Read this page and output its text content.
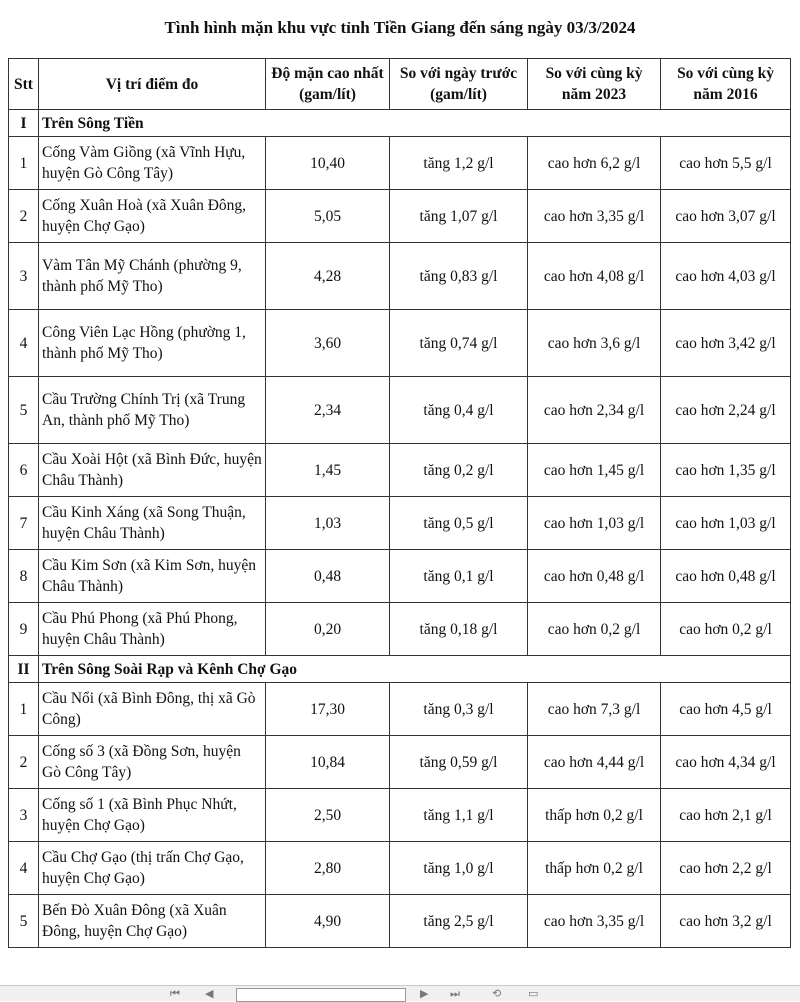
Tình hình mặn khu vực tỉnh Tiền Giang đến sáng ngày 03/3/2024
Stt	Vị trí điểm đo	Độ mặn cao nhất (gam/lít)	So với ngày trước (gam/lít)	So với cùng kỳ năm 2023	So với cùng kỳ năm 2016
I	Trên Sông Tiền				
1	Cống Vàm Giồng (xã Vĩnh Hựu, huyện Gò Công Tây)	10,40	tăng 1,2 g/l	cao hơn 6,2 g/l	cao hơn 5,5 g/l
2	Cống Xuân Hoà (xã Xuân Đông, huyện Chợ Gạo)	5,05	tăng 1,07 g/l	cao hơn 3,35 g/l	cao hơn 3,07 g/l
3	Vàm Tân Mỹ Chánh (phường 9, thành phố Mỹ Tho)	4,28	tăng 0,83 g/l	cao hơn 4,08 g/l	cao hơn 4,03 g/l
4	Công Viên Lạc Hồng (phường 1, thành phố Mỹ Tho)	3,60	tăng 0,74 g/l	cao hơn 3,6 g/l	cao hơn 3,42 g/l
5	Cầu Trường Chính Trị (xã Trung An, thành phố Mỹ Tho)	2,34	tăng 0,4 g/l	cao hơn 2,34 g/l	cao hơn 2,24 g/l
6	Cầu Xoài Hột (xã Bình Đức, huyện Châu Thành)	1,45	tăng 0,2 g/l	cao hơn 1,45 g/l	cao hơn 1,35 g/l
7	Cầu Kinh Xáng (xã Song Thuận, huyện Châu Thành)	1,03	tăng 0,5 g/l	cao hơn 1,03 g/l	cao hơn 1,03 g/l
8	Cầu Kim Sơn (xã Kim Sơn, huyện Châu Thành)	0,48	tăng 0,1 g/l	cao hơn 0,48 g/l	cao hơn 0,48 g/l
9	Cầu Phú Phong (xã Phú Phong, huyện Châu Thành)	0,20	tăng 0,18 g/l	cao hơn 0,2 g/l	cao hơn 0,2 g/l
II	Trên Sông Soài Rạp và Kênh Chợ Gạo				
1	Cầu Nổi (xã Bình Đông, thị xã Gò Công)	17,30	tăng 0,3 g/l	cao hơn 7,3 g/l	cao hơn 4,5 g/l
2	Cống số 3 (xã Đồng Sơn, huyện Gò Công Tây)	10,84	tăng 0,59 g/l	cao hơn 4,44 g/l	cao hơn 4,34 g/l
3	Cống số 1 (xã Bình Phục Nhứt, huyện Chợ Gạo)	2,50	tăng 1,1 g/l	thấp hơn 0,2 g/l	cao hơn 2,1 g/l
4	Cầu Chợ Gạo (thị trấn Chợ Gạo, huyện Chợ Gạo)	2,80	tăng 1,0 g/l	thấp hơn 0,2 g/l	cao hơn 2,2 g/l
5	Bến Đò Xuân Đông (xã Xuân Đông, huyện Chợ Gạo)	4,90	tăng 2,5 g/l	cao hơn 3,35 g/l	cao hơn 3,2 g/l
⏮ ◀	▶ ⏭	⟲ ▭
